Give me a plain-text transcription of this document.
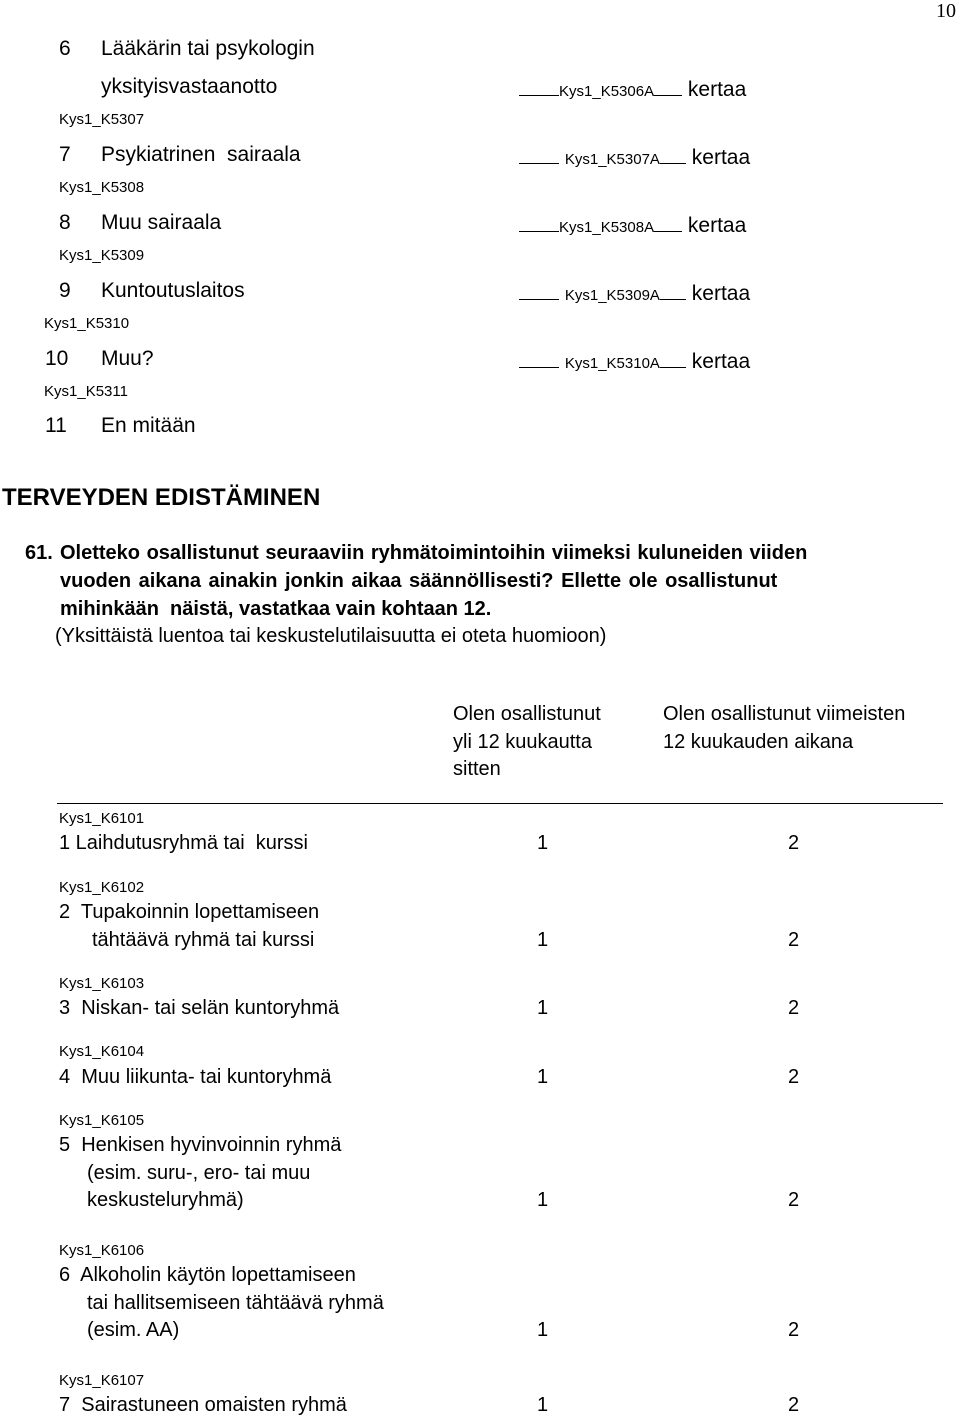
10
6 Lääkärin tai psykologin
yksityisvastaanotto	Kys1_K5306A kertaa
Kys1_K5307
7 Psykiatrinen  sairaala	Kys1_K5307A kertaa
Kys1_K5308
8 Muu sairaala	Kys1_K5308A kertaa
Kys1_K5309
9 Kuntoutuslaitos	Kys1_K5309A kertaa
Kys1_K5310
10 Muu?	Kys1_K5310A kertaa
Kys1_K5311
11 En mitään
TERVEYDEN EDISTÄMINEN
61. Oletteko osallistunut seuraaviin ryhmätoimintoihin viimeksi kuluneiden viiden
vuoden aikana ainakin jonkin aikaa säännöllisesti? Ellette ole osallistunut
mihinkään  näistä, vastatkaa vain kohtaan 12.
(Yksittäistä luentoa tai keskustelutilaisuutta ei oteta huomioon)
Olen osallistunut
yli 12 kuukautta
sitten
Olen osallistunut viimeisten
12 kuukauden aikana
Kys1_K6101
1 Laihdutusryhmä tai  kurssi	1	2
Kys1_K6102
2  Tupakoinnin lopettamiseen
tähtäävä ryhmä tai kurssi	1	2
Kys1_K6103
3  Niskan- tai selän kuntoryhmä	1	2
Kys1_K6104
4  Muu liikunta- tai kuntoryhmä	1	2
Kys1_K6105
5  Henkisen hyvinvoinnin ryhmä
(esim. suru-, ero- tai muu
keskusteluryhmä)	1	2
Kys1_K6106
6  Alkoholin käytön lopettamiseen
tai hallitsemiseen tähtäävä ryhmä
(esim. AA)	1	2
Kys1_K6107
7  Sairastuneen omaisten ryhmä	1	2
